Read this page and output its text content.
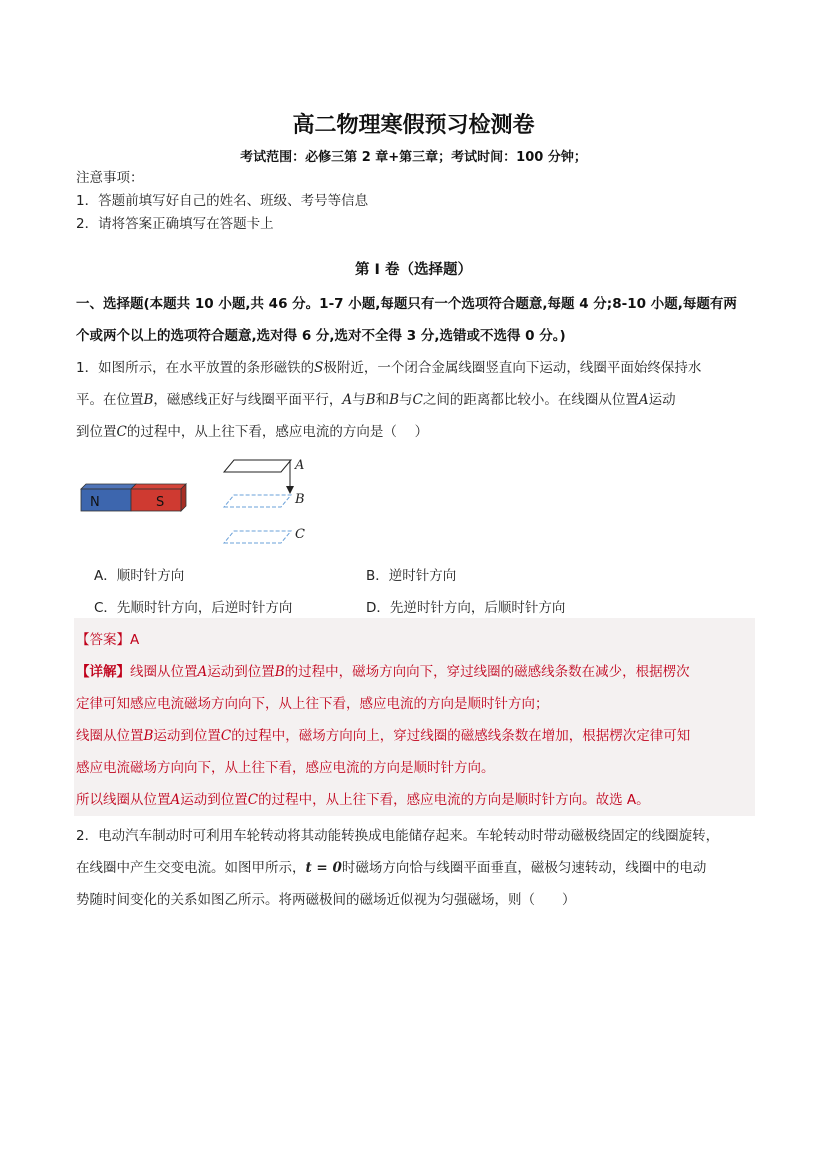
高二物理寒假预习检测卷
考试范围：必修三第 2 章+第三章；考试时间：100 分钟；
注意事项：
1．答题前填写好自己的姓名、班级、考号等信息
2．请将答案正确填写在答题卡上
第 I 卷（选择题）
一、选择题(本题共 10 小题,共 46 分。1-7 小题,每题只有一个选项符合题意,每题 4 分;8-10 小题,每题有两
个或两个以上的选项符合题意,选对得 6 分,选对不全得 3 分,选错或不选得 0 分。)
1．如图所示，在水平放置的条形磁铁的S极附近，一个闭合金属线圈竖直向下运动，线圈平面始终保持水
平。在位置B，磁感线正好与线圈平面平行，A与B和B与C之间的距离都比较小。在线圈从位置A运动
到位置C的过程中，从上往下看，感应电流的方向是（　 ）
N	S
A
B
C
A．顺时针方向	B．逆时针方向
C．先顺时针方向，后逆时针方向	D．先逆时针方向，后顺时针方向
【答案】A
【详解】线圈从位置A运动到位置B的过程中，磁场方向向下，穿过线圈的磁感线条数在减少，根据楞次
定律可知感应电流磁场方向向下，从上往下看，感应电流的方向是顺时针方向；
线圈从位置B运动到位置C的过程中，磁场方向向上，穿过线圈的磁感线条数在增加，根据楞次定律可知
感应电流磁场方向向下，从上往下看，感应电流的方向是顺时针方向。
所以线圈从位置A运动到位置C的过程中，从上往下看，感应电流的方向是顺时针方向。故选 A。
2．电动汽车制动时可利用车轮转动将其动能转换成电能储存起来。车轮转动时带动磁极绕固定的线圈旋转，
在线圈中产生交变电流。如图甲所示，t = 0时磁场方向恰与线圈平面垂直，磁极匀速转动，线圈中的电动
势随时间变化的关系如图乙所示。将两磁极间的磁场近似视为匀强磁场，则（　　）
